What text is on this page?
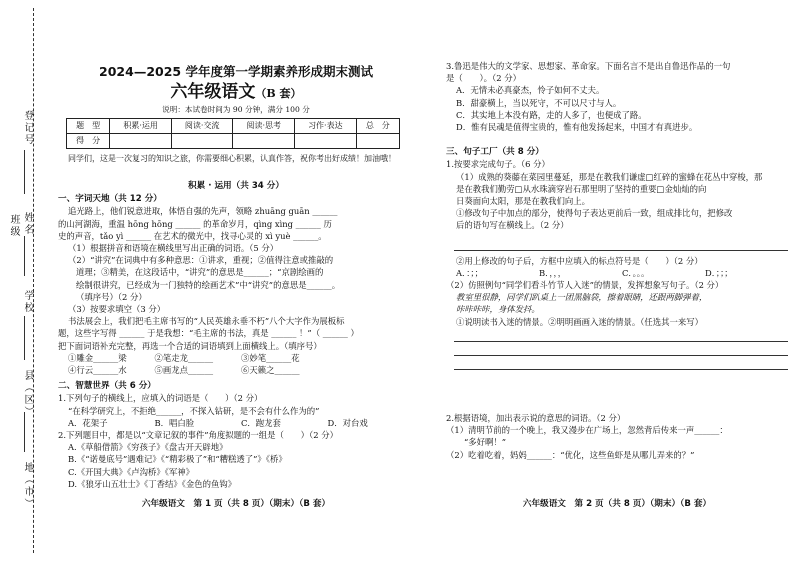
登记号
姓名
班级
学校
县（区）
地（市）
2024—2025 学年度第一学期素养形成期末测试
六年级语文（B 套）
说明：本试卷时间为 90 分钟，满分 100 分
题　型	积累·运用	阅读·交流	阅读·思考	习作·表达	总　分
得　分					
同学们，这是一次复习的知识之旅，你需要细心积累，认真作答，祝你考出好成绩！加油哦！
积累 · 运用（共 34 分）
一、字词天地（共 12 分）
追光路上，他们锐意进取，体悟自强的先声，领略 zhuāng guān ______
的山河湖海，重温 hōng hōng ______ 的革命岁月，qìng xìng ______ 历
史的声音，tǎo yì ______ 在艺术的微光中，找寻心灵的 xì yuè ______。
（1）根据拼音和语境在横线里写出正确的词语。（5 分）
（2）“讲究”在词典中有多种意思：①讲求，重视；②值得注意或推敲的
道理；③精美，在这段话中，“讲究”的意思是______；“京剧绘画的
绘制很讲究，已经成为一门独特的绘画艺术”中“讲究”的意思是______。
（填序号）（2 分）
（3）按要求填空（3 分）
书法展会上，我们把毛主席书写的“人民英雄永垂不朽”八个大字作为展板标
题，这些字写得 ______ 于是我想：“毛主席的书法，真是 ______ ！”（ ______ ）
把下面词语补充完整，再选一个合适的词语填到上面横线上。（填序号）
①雕金______梁	②笔走龙______	③妙笔______花
④行云______水	⑤画龙点______	⑥天籁之______
二、智慧世界（共 6 分）
1.下列句子的横线上，应填入的词语是（　　）（2 分）
“在科学研究上，不拒绝______，不探入钻研，是不会有什么作为的”
A．花架子	B．唱白脸	C．跑龙套	D．对台戏
2.下列题目中，都是以“文章记叙的事件”角度拟题的一组是（　　）（2 分）
A.《草船借箭》《穷孩子》《盘古开天辟地》
B.《“诺曼底号”遇难记》《“精彩极了”和“糟糕透了”》《桥》
C.《开国大典》《卢沟桥》《军神》
D.《狼牙山五壮士》《丁香结》《金色的鱼钩》
六年级语文　第 1 页（共 8 页）（期末）（B 套）
3.鲁迅是伟大的文学家、思想家、革命家。下面名言不是出自鲁迅作品的一句
是（　　）。（2 分）
A．无情未必真豪杰，怜子如何不丈夫。
B．甜豪横上，当以死守，不可以尺寸与人。
C．其实地上本没有路，走的人多了，也便成了路。
D．惟有民魂是值得宝贵的，惟有他发扬起来，中国才有真进步。
三、句子工厂（共 8 分）
1.按要求完成句子。（6 分）
（1）成熟的葵藤在菜园里蔓延，那是在教我们谦虚□红碎的蜜蜂在花丛中穿梭，那
是在教我们勤劳□从水珠滴穿岩石那里明了坚持的重要□金灿灿的向
日葵面向太阳，那是在教我们向上。
①修改句子中加点的部分，使得句子表达更前后一致，组成排比句，把修改
后的语句写在横线上。（2 分）
②用上修改的句子后，方框中应填入的标点符号是（　　）（2 分）
A．：；；	B．，，，	C．。。。	D．；；；
（2）仿照例句“同学们看斗竹节人入迷”的情景，发挥想象写句子。（2 分）
教室里很静，同学们趴桌上一团黑脑袋，擦着眼睛，还跟两脚弹着，
咔咔咔咔，身体发抖。
①说明读书入迷的情景。②明明画画入迷的情景。（任选其一来写）
2.根据语境，加出表示说的意思的词语。（2 分）
（1）清明节前的一个晚上，我又漫步在广场上，忽然背后传来一声______：
“多好啊！”
（2）吃着吃着，妈妈______：“优化，这些鱼虾是从哪儿弄来的？”
六年级语文　第 2 页（共 8 页）（期末）（B 套）
